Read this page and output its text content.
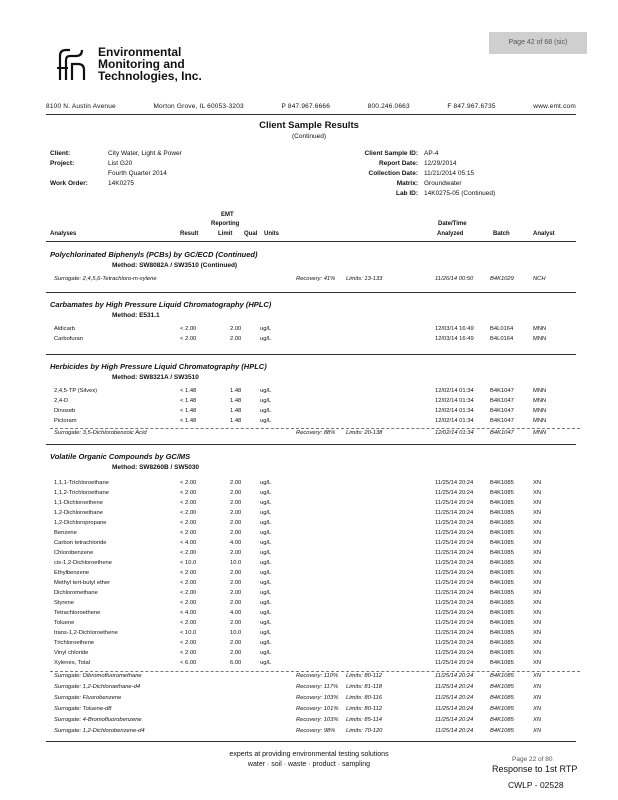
Environmental
Monitoring and
Technologies, Inc.
Page 42 of 68 (sic)
8100 N. Austin Avenue	Morton Grove, IL 60053-3203	P 847.967.6666	800.246.0663	F 847.967.6735	www.emt.com
Client Sample Results
(Continued)
Client:	City Water, Light & Power
Project:	List G20
Fourth Quarter 2014
Work Order:	14K0275
Client Sample ID: AP-4
Report Date: 12/29/2014
Collection Date: 11/21/2014 05:15
Matrix: Groundwater
Lab ID: 14K0275-05 (Continued)
EMT
Reporting	Date/Time
Analyses	Result	Limit Qual Units	Analyzed	Batch	Analyst
Polychlorinated Biphenyls (PCBs) by GC/ECD (Continued)
Method: SW8082A / SW3510 (Continued)
Surrogate: 2,4,5,6-Tetrachloro-m-xylene	Recovery: 41% Limits: 13-133	11/26/14 00:50	B4K1029	NCH
Carbamates by High Pressure Liquid Chromatography (HPLC)
Method: E531.1
Aldicarb	< 2.00	2.00	ug/L	12/03/14 16:49	B4L0164	MNN
Carbofuran	< 2.00	2.00	ug/L	12/03/14 16:49	B4L0164	MNN
Herbicides by High Pressure Liquid Chromatography (HPLC)
Method: SW8321A / SW3510
2,4,5-TP (Silvex)	< 1.48	1.48	ug/L	12/02/14 01:34	B4K1047	MNN
2,4-D	< 1.48	1.48	ug/L	12/02/14 01:34	B4K1047	MNN
Dinoseb	< 1.48	1.48	ug/L	12/02/14 01:34	B4K1047	MNN
Picloram	< 1.48	1.48	ug/L	12/02/14 01:34	B4K1047	MNN
Surrogate: 3,5-Dichlorobenzoic Acid	Recovery: 88% Limits: 20-138	12/02/14 01:34	B4K1047	MNN
Volatile Organic Compounds by GC/MS
Method: SW8260B / SW5030
1,1,1-Trichloroethane	< 2.00	2.00	ug/L	11/25/14 20:24	B4K1085	XN
1,1,2-Trichloroethane	< 2.00	2.00	ug/L	11/25/14 20:24	B4K1085	XN
1,1-Dichloroethene	< 2.00	2.00	ug/L	11/25/14 20:24	B4K1085	XN
1,2-Dichloroethane	< 2.00	2.00	ug/L	11/25/14 20:24	B4K1085	XN
1,2-Dichloropropane	< 2.00	2.00	ug/L	11/25/14 20:24	B4K1085	XN
Benzene	< 2.00	2.00	ug/L	11/25/14 20:24	B4K1085	XN
Carbon tetrachloride	< 4.00	4.00	ug/L	11/25/14 20:24	B4K1085	XN
Chlorobenzene	< 2.00	2.00	ug/L	11/25/14 20:24	B4K1085	XN
cis-1,2-Dichloroethene	< 10.0	10.0	ug/L	11/25/14 20:24	B4K1085	XN
Ethylbenzene	< 2.00	2.00	ug/L	11/25/14 20:24	B4K1085	XN
Methyl tert-butyl ether	< 2.00	2.00	ug/L	11/25/14 20:24	B4K1085	XN
Dichloromethane	< 2.00	2.00	ug/L	11/25/14 20:24	B4K1085	XN
Styrene	< 2.00	2.00	ug/L	11/25/14 20:24	B4K1085	XN
Tetrachloroethene	< 4.00	4.00	ug/L	11/25/14 20:24	B4K1085	XN
Toluene	< 2.00	2.00	ug/L	11/25/14 20:24	B4K1085	XN
trans-1,2-Dichloroethene	< 10.0	10.0	ug/L	11/25/14 20:24	B4K1085	XN
Trichloroethene	< 2.00	2.00	ug/L	11/25/14 20:24	B4K1085	XN
Vinyl chloride	< 2.00	2.00	ug/L	11/25/14 20:24	B4K1085	XN
Xylenes, Total	< 6.00	6.00	ug/L	11/25/14 20:24	B4K1085	XN
Surrogate: Dibromofluoromethane	Recovery: 110% Limits: 80-112	11/25/14 20:24	B4K1085	XN
Surrogate: 1,2-Dichloroethane-d4	Recovery: 117% Limits: 81-118	11/25/14 20:24	B4K1085	XN
Surrogate: Fluorobenzene	Recovery: 103% Limits: 80-116	11/25/14 20:24	B4K1085	XN
Surrogate: Toluene-d8	Recovery: 101% Limits: 80-112	11/25/14 20:24	B4K1085	XN
Surrogate: 4-Bromofluorobenzene	Recovery: 103% Limits: 85-114	11/25/14 20:24	B4K1085	XN
Surrogate: 1,2-Dichlorobenzene-d4	Recovery: 98% Limits: 70-120	11/25/14 20:24	B4K1085	XN
experts at providing environmental testing solutions
water · soil · waste · product · sampling
Page 22 of 80
Response to 1st RTP
CWLP - 02528
